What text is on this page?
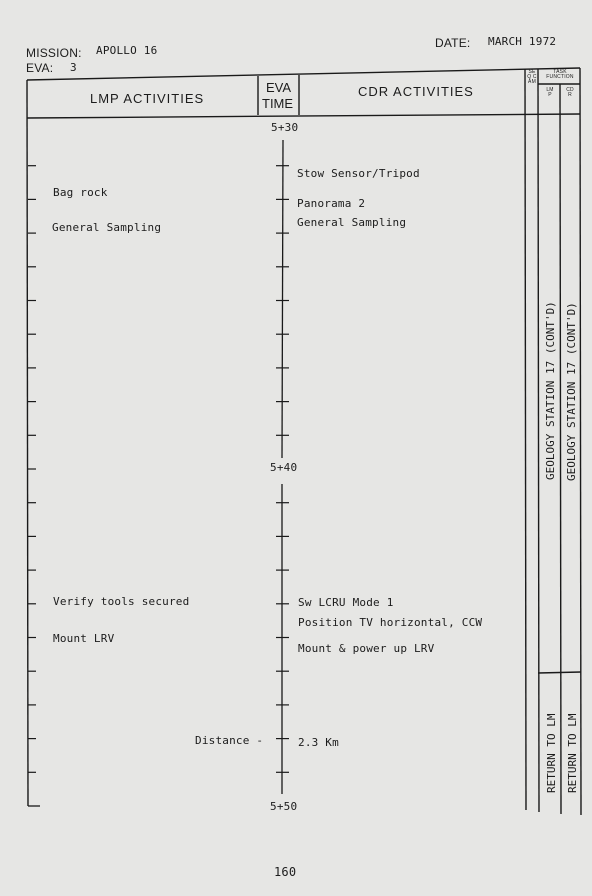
MISSION: APOLLO 16
EVA: 3
DATE: MARCH 1972
LMP ACTIVITIES
EVA
TIME
CDR ACTIVITIES
SEQ CAM
TASK FUNCTION
LMP
CDR
5+30
5+40
5+50
Bag rock
General Sampling
Verify tools secured
Mount LRV
Distance -
Stow Sensor/Tripod
Panorama 2
General Sampling
Sw LCRU Mode 1
Position TV horizontal, CCW
Mount & power up LRV
2.3 Km
GEOLOGY STATION 17 (CONT'D) GEOLOGY STATION 17 (CONT'D)
RETURN TO LM RETURN TO LM
160
